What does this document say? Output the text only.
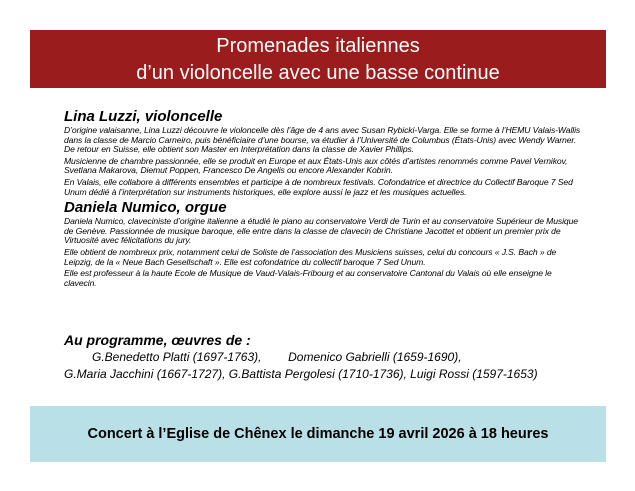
Promenades italiennes
d’un violoncelle avec une basse continue

Lina Luzzi, violoncelle

D’origine valaisanne, Lina Luzzi découvre le violoncelle dès l’âge de 4 ans avec Susan Rybicki-Varga. Elle se forme à l’HEMU Valais-Wallis dans la classe de Marcio Carneiro, puis bénéficiaire d’une bourse, va étudier à l’Université de Columbus (États-Unis) avec Wendy Warner. De retour en Suisse, elle obtient son Master en Interprétation dans la classe de Xavier Phillips.

Musicienne de chambre passionnée, elle se produit en Europe et aux États-Unis aux côtés d’artistes renommés comme Pavel Vernikov, Svetlana Makarova, Diemut Poppen, Francesco De Angelis ou encore Alexander Kobrin.

En Valais, elle collabore à différents ensembles et participe à de nombreux festivals. Cofondatrice et directrice du Collectif Baroque 7 Sed Unum dédié à l’interprétation sur instruments historiques, elle explore aussi le jazz et les musiques actuelles.

Daniela Numico, orgue

Daniela Numico, claveciniste d’origine italienne a étudié le piano au conservatoire Verdi de Turin et au conservatoire Supérieur de Musique de Genève. Passionnée de musique baroque, elle entre dans la classe de clavecin de Christiane Jacottet et obtient un premier prix de Virtuosité avec félicitations du jury.

Elle obtient de nombreux prix, notamment celui de Soliste de l’association des Musiciens suisses, celui du concours « J.S. Bach » de Leipzig, de la « Neue Bach Gesellschaft ». Elle est cofondatrice du collectif baroque 7 Sed Unum.

Elle est professeur à la haute Ecole de Musique de Vaud-Valais-Fribourg et au conservatoire Cantonal du Valais où elle enseigne le clavecin.

Au programme, œuvres de :
G.Benedetto Platti (1697-1763),        Domenico Gabrielli (1659-1690),
G.Maria Jacchini (1667-1727), G.Battista Pergolesi (1710-1736), Luigi Rossi (1597-1653)
Concert à l’Eglise de Chênex le dimanche 19 avril 2026 à 18 heures
